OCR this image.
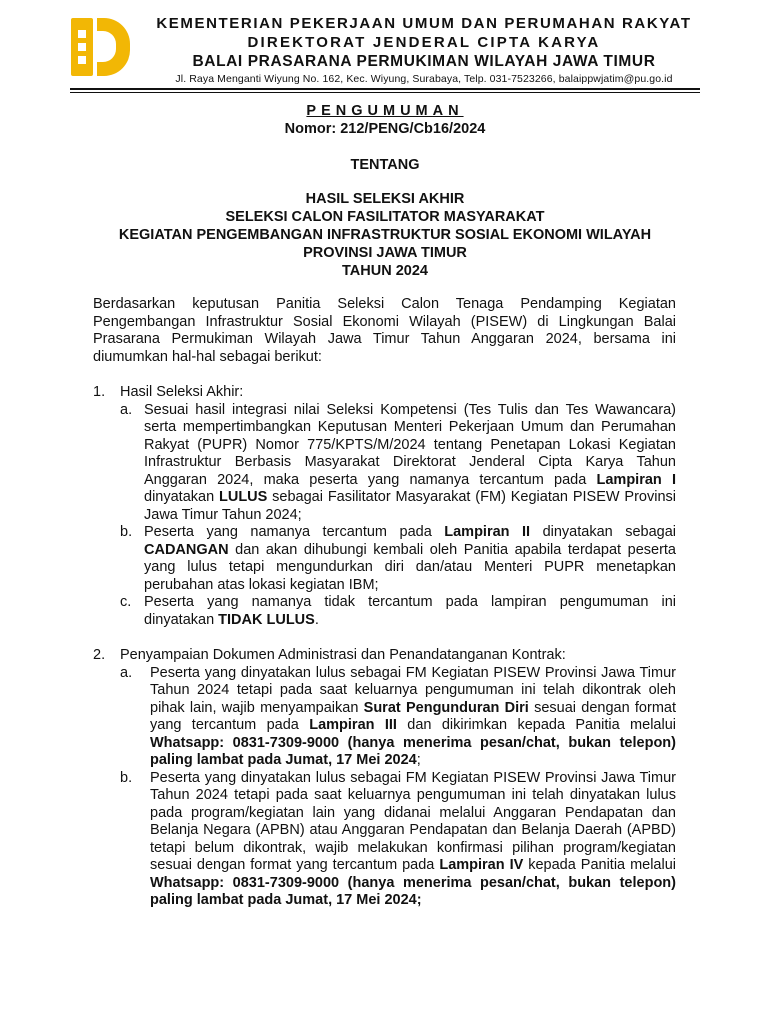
KEMENTERIAN PEKERJAAN UMUM DAN PERUMAHAN RAKYAT
DIREKTORAT JENDERAL CIPTA KARYA
BALAI PRASARANA PERMUKIMAN WILAYAH JAWA TIMUR
Jl. Raya Menganti Wiyung No. 162, Kec. Wiyung, Surabaya, Telp. 031-7523266, balaippwjatim@pu.go.id
PENGUMUMAN
Nomor: 212/PENG/Cb16/2024
TENTANG
HASIL SELEKSI AKHIR
SELEKSI CALON FASILITATOR MASYARAKAT
KEGIATAN PENGEMBANGAN INFRASTRUKTUR SOSIAL EKONOMI WILAYAH
PROVINSI JAWA TIMUR
TAHUN 2024

Berdasarkan keputusan Panitia Seleksi Calon Tenaga Pendamping Kegiatan Pengembangan Infrastruktur Sosial Ekonomi Wilayah (PISEW) di Lingkungan Balai Prasarana Permukiman Wilayah Jawa Timur Tahun Anggaran 2024, bersama ini diumumkan hal-hal sebagai berikut:

1. Hasil Seleksi Akhir:

a. Sesuai hasil integrasi nilai Seleksi Kompetensi (Tes Tulis dan Tes Wawancara) serta mempertimbangkan Keputusan Menteri Pekerjaan Umum dan Perumahan Rakyat (PUPR) Nomor 775/KPTS/M/2024 tentang Penetapan Lokasi Kegiatan Infrastruktur Berbasis Masyarakat Direktorat Jenderal Cipta Karya Tahun Anggaran 2024, maka peserta yang namanya tercantum pada Lampiran I dinyatakan LULUS sebagai Fasilitator Masyarakat (FM) Kegiatan PISEW Provinsi Jawa Timur Tahun 2024;
b. Peserta yang namanya tercantum pada Lampiran II dinyatakan sebagai CADANGAN dan akan dihubungi kembali oleh Panitia apabila terdapat peserta yang lulus tetapi mengundurkan diri dan/atau Menteri PUPR menetapkan perubahan atas lokasi kegiatan IBM;
c. Peserta yang namanya tidak tercantum pada lampiran pengumuman ini dinyatakan TIDAK LULUS.
2. Penyampaian Dokumen Administrasi dan Penandatanganan Kontrak:

a. Peserta yang dinyatakan lulus sebagai FM Kegiatan PISEW Provinsi Jawa Timur Tahun 2024 tetapi pada saat keluarnya pengumuman ini telah dikontrak oleh pihak lain, wajib menyampaikan Surat Pengunduran Diri sesuai dengan format yang tercantum pada Lampiran III dan dikirimkan kepada Panitia melalui Whatsapp: 0831-7309-9000 (hanya menerima pesan/chat, bukan telepon) paling lambat pada Jumat, 17 Mei 2024;
b. Peserta yang dinyatakan lulus sebagai FM Kegiatan PISEW Provinsi Jawa Timur Tahun 2024 tetapi pada saat keluarnya pengumuman ini telah dinyatakan lulus pada program/kegiatan lain yang didanai melalui Anggaran Pendapatan dan Belanja Negara (APBN) atau Anggaran Pendapatan dan Belanja Daerah (APBD) tetapi belum dikontrak, wajib melakukan konfirmasi pilihan program/kegiatan sesuai dengan format yang tercantum pada Lampiran IV kepada Panitia melalui Whatsapp: 0831-7309-9000 (hanya menerima pesan/chat, bukan telepon) paling lambat pada Jumat, 17 Mei 2024;
